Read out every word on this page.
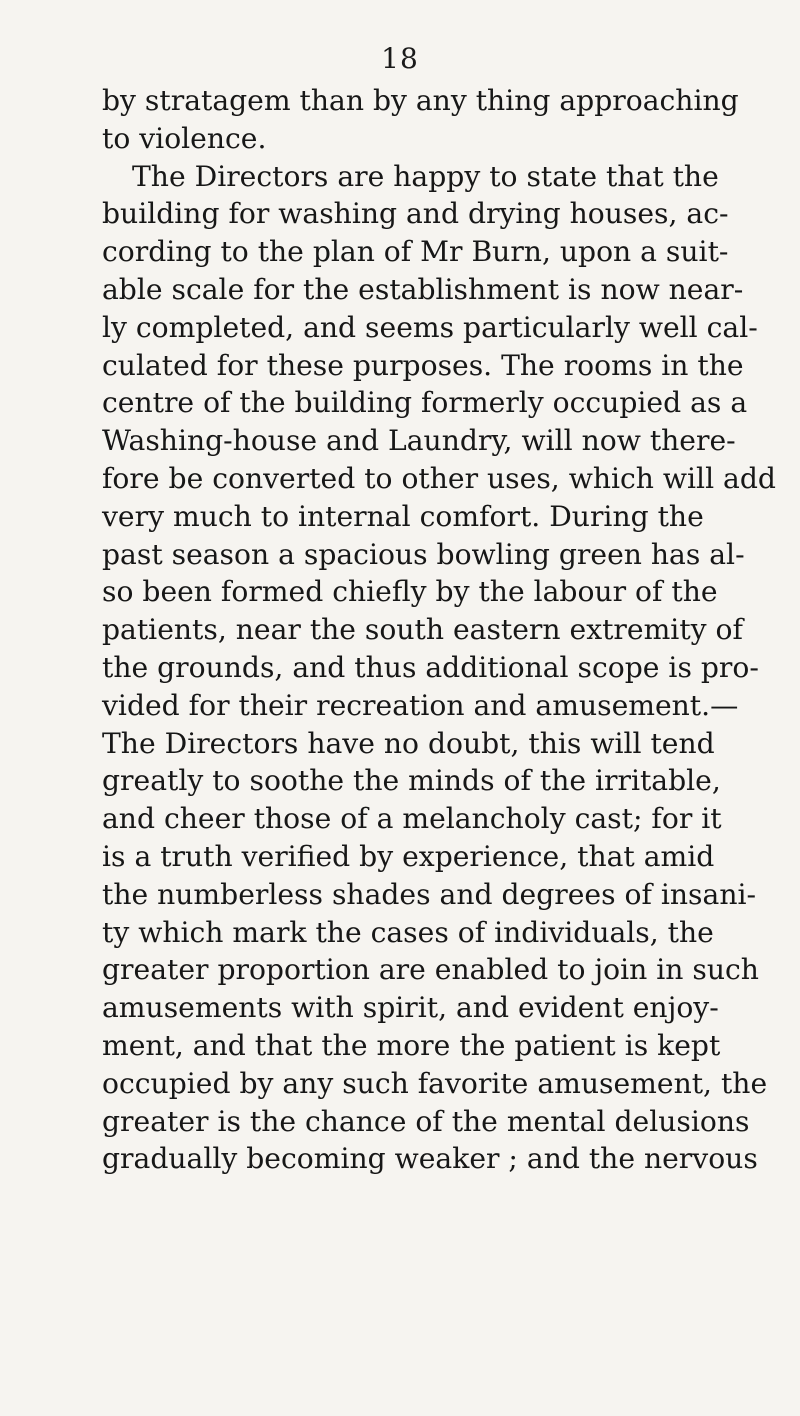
18
by stratagem than by any thing approaching
to violence.
The Directors are happy to state that the
building for washing and drying houses, ac-
cording to the plan of Mr Burn, upon a suit-
able scale for the establishment is now near-
ly completed, and seems particularly well cal-
culated for these purposes. The rooms in the
centre of the building formerly occupied as a
Washing-house and Laundry, will now there-
fore be converted to other uses, which will add
very much to internal comfort. During the
past season a spacious bowling green has al-
so been formed chiefly by the labour of the
patients, near the south eastern extremity of
the grounds, and thus additional scope is pro-
vided for their recreation and amusement.—
The Directors have no doubt, this will tend
greatly to soothe the minds of the irritable,
and cheer those of a melancholy cast; for it
is a truth verified by experience, that amid
the numberless shades and degrees of insani-
ty which mark the cases of individuals, the
greater proportion are enabled to join in such
amusements with spirit, and evident enjoy-
ment, and that the more the patient is kept
occupied by any such favorite amusement, the
greater is the chance of the mental delusions
gradually becoming weaker ; and the nervous
